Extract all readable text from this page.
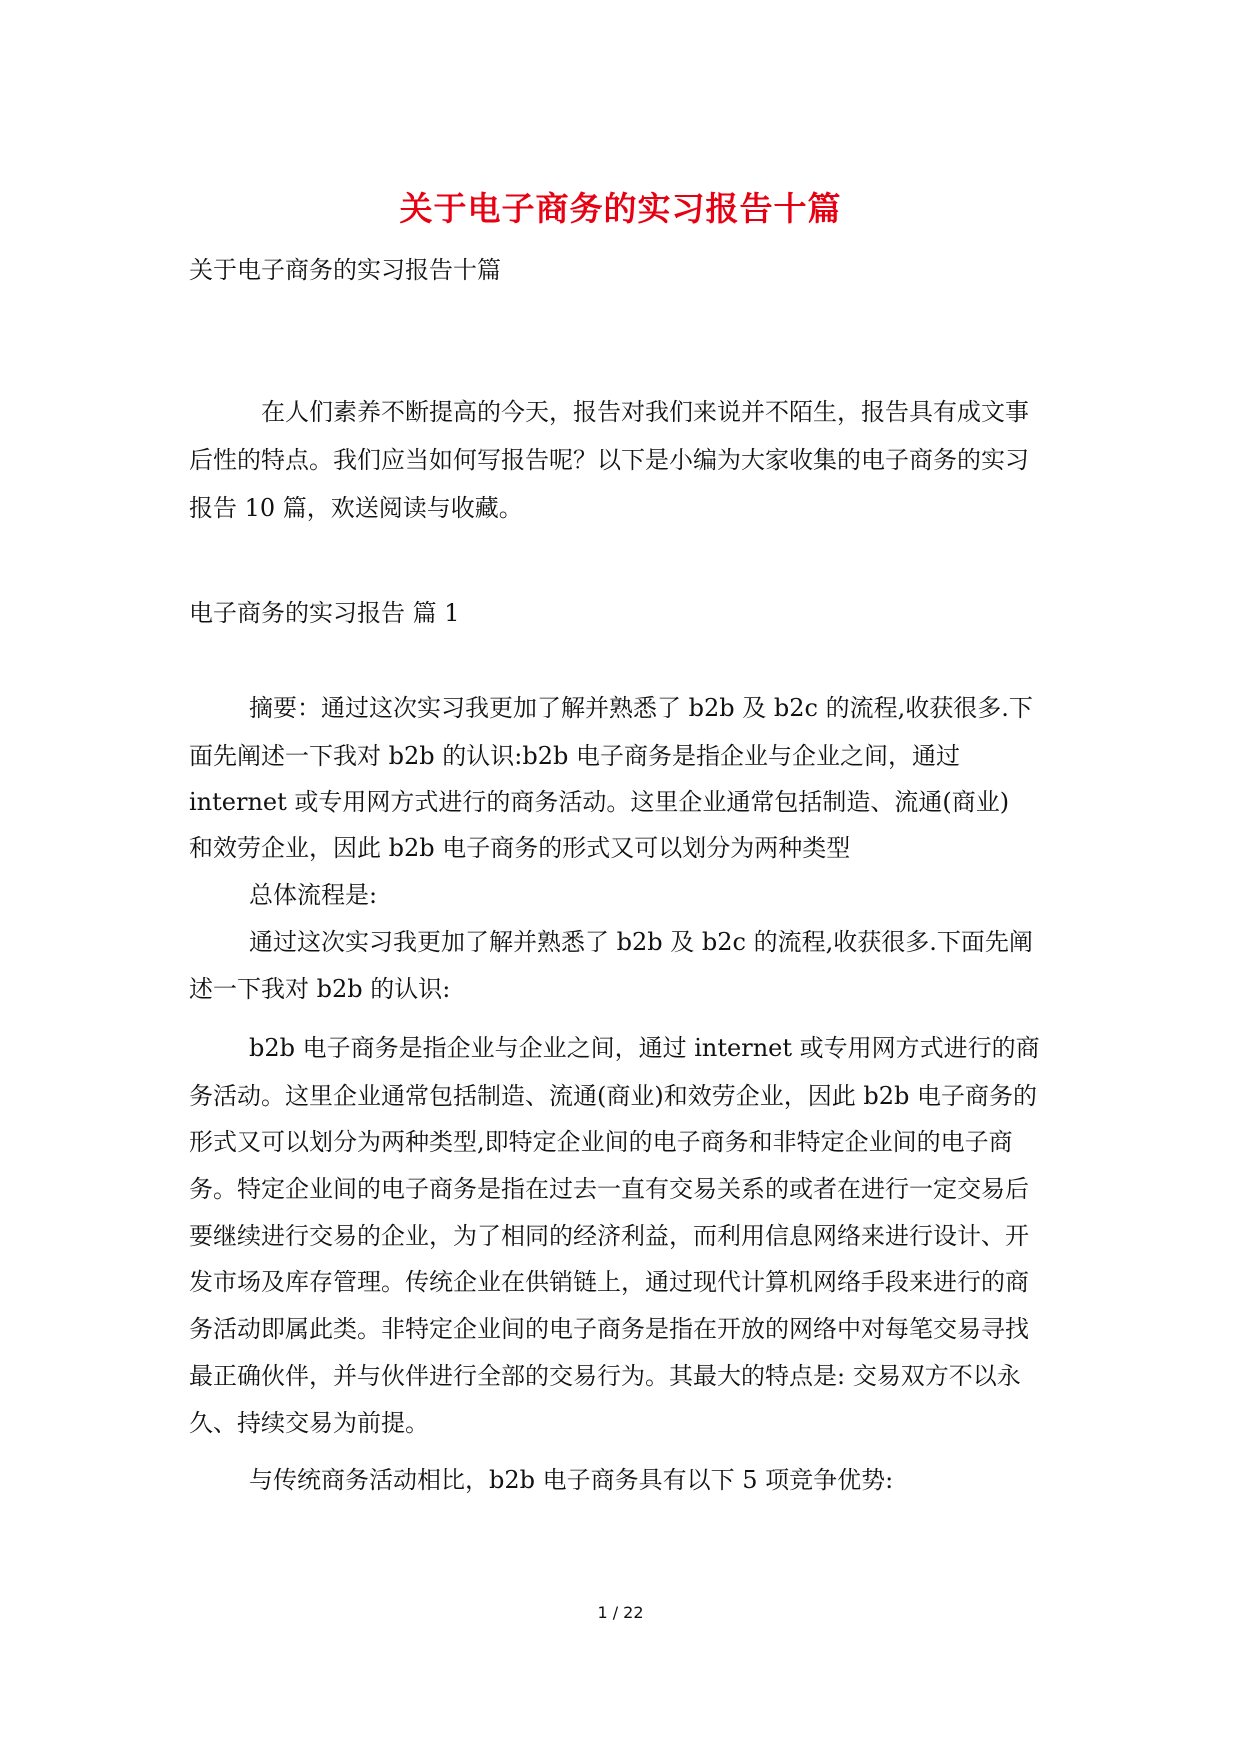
关于电子商务的实习报告十篇
关于电子商务的实习报告十篇
在人们素养不断提高的今天，报告对我们来说并不陌生，报告具有成文事
后性的特点。我们应当如何写报告呢？以下是小编为大家收集的电子商务的实习
报告 10 篇，欢送阅读与收藏。
电子商务的实习报告 篇 1
摘要：通过这次实习我更加了解并熟悉了 b2b 及 b2c 的流程,收获很多.下
面先阐述一下我对 b2b 的认识:b2b 电子商务是指企业与企业之间，通过
internet 或专用网方式进行的商务活动。这里企业通常包括制造、流通(商业)
和效劳企业，因此 b2b 电子商务的形式又可以划分为两种类型
总体流程是:
通过这次实习我更加了解并熟悉了 b2b 及 b2c 的流程,收获很多.下面先阐
述一下我对 b2b 的认识:
b2b 电子商务是指企业与企业之间，通过 internet 或专用网方式进行的商
务活动。这里企业通常包括制造、流通(商业)和效劳企业，因此 b2b 电子商务的
形式又可以划分为两种类型,即特定企业间的电子商务和非特定企业间的电子商
务。特定企业间的电子商务是指在过去一直有交易关系的或者在进行一定交易后
要继续进行交易的企业，为了相同的经济利益，而利用信息网络来进行设计、开
发市场及库存管理。传统企业在供销链上，通过现代计算机网络手段来进行的商
务活动即属此类。非特定企业间的电子商务是指在开放的网络中对每笔交易寻找
最正确伙伴，并与伙伴进行全部的交易行为。其最大的特点是: 交易双方不以永
久、持续交易为前提。
与传统商务活动相比，b2b 电子商务具有以下 5 项竞争优势:
1 / 22
